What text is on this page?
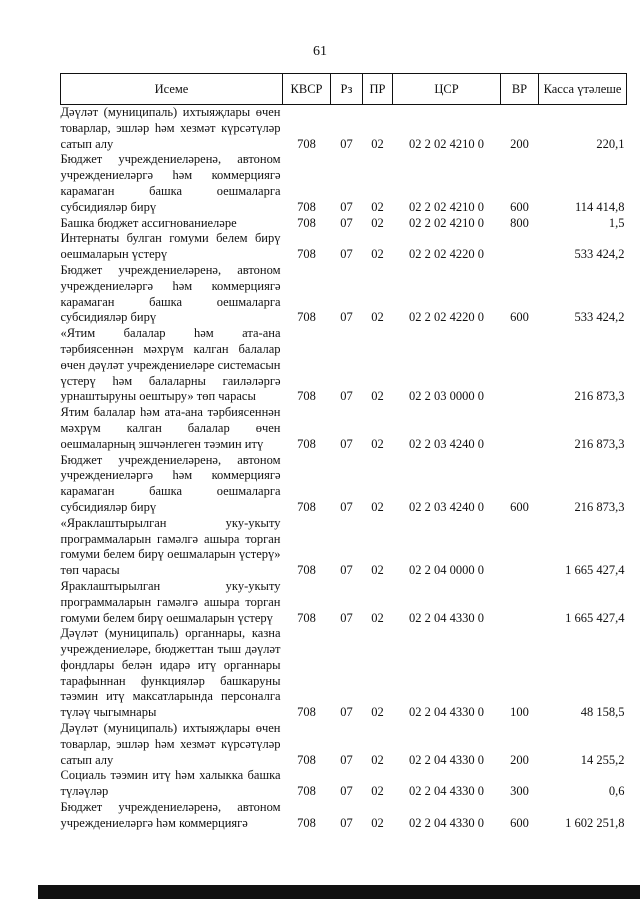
61
Исеме	КВСР	Рз	ПР	ЦСР	ВР	Касса үтәлеше
Дәүләт (муниципаль) ихтыяҗлары өчен товарлар, эшләр һәм хезмәт күрсәтүләр сатып алу	708	07	02	02 2 02 4210 0	200	220,1
Бюджет учреждениеләренә, автоном учреждениеләргә һәм коммерциягә карамаган башка оешмаларга субсидияләр бирү	708	07	02	02 2 02 4210 0	600	114 414,8
Башка бюджет ассигнованиеләре	708	07	02	02 2 02 4210 0	800	1,5
Интернаты булган гомуми белем бирү оешмаларын үстерү	708	07	02	02 2 02 4220 0		533 424,2
Бюджет учреждениеләренә, автоном учреждениеләргә һәм коммерциягә карамаган башка оешмаларга субсидияләр бирү	708	07	02	02 2 02 4220 0	600	533 424,2
«Ятим балалар һәм ата-ана тәрбиясеннән мәхрүм калган балалар өчен дәүләт учреждениеләре системасын үстерү һәм балаларны гаиләләргә урнаштыруны оештыру» төп чарасы	708	07	02	02 2 03 0000 0		216 873,3
Ятим балалар һәм ата-ана тәрбиясеннән мәхрүм калган балалар өчен оешмаларның эшчәнлеген тәэмин итү	708	07	02	02 2 03 4240 0		216 873,3
Бюджет учреждениеләренә, автоном учреждениеләргә һәм коммерциягә карамаган башка оешмаларга субсидияләр бирү	708	07	02	02 2 03 4240 0	600	216 873,3
«Яраклаштырылган уку-укыту программаларын гамәлгә ашыра торган гомуми белем бирү оешмаларын үстерү» төп чарасы	708	07	02	02 2 04 0000 0		1 665 427,4
Яраклаштырылган уку-укыту программаларын гамәлгә ашыра торган гомуми белем бирү оешмаларын үстерү	708	07	02	02 2 04 4330 0		1 665 427,4
Дәүләт (муниципаль) органнары, казна учреждениеләре, бюджеттан тыш дәүләт фондлары белән идарә итү органнары тарафыннан функцияләр башкаруны тәэмин итү максатларында персоналга түләү чыгымнары	708	07	02	02 2 04 4330 0	100	48 158,5
Дәүләт (муниципаль) ихтыяҗлары өчен товарлар, эшләр һәм хезмәт күрсәтүләр сатып алу	708	07	02	02 2 04 4330 0	200	14 255,2
Социаль тәэмин итү һәм халыкка башка түләүләр	708	07	02	02 2 04 4330 0	300	0,6
Бюджет учреждениеләренә, автоном учреждениеләргә һәм коммерциягә	708	07	02	02 2 04 4330 0	600	1 602 251,8
